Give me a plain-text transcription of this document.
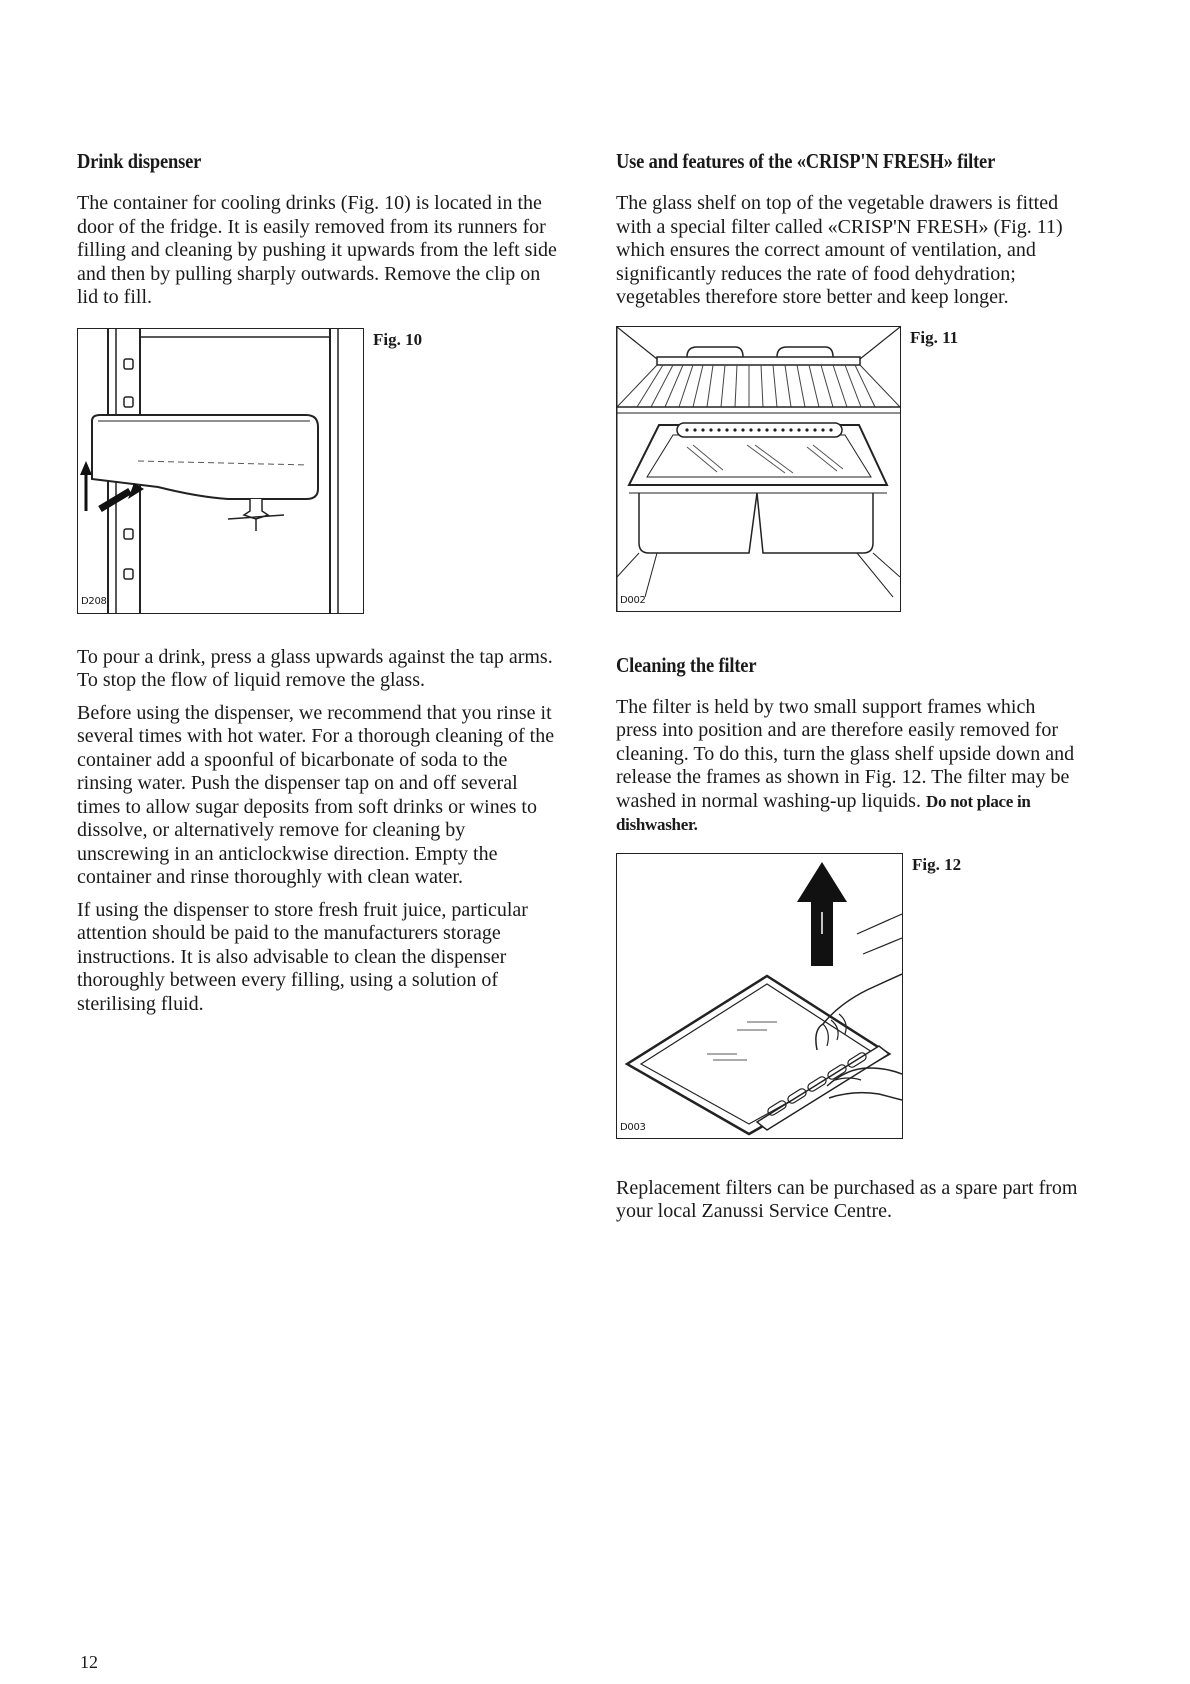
Drink dispenser

The container for cooling drinks (Fig. 10) is located in the door of the fridge. It is easily removed from its runners for filling and cleaning by pushing it upwards from the left side and then by pulling sharply outwards. Remove the clip on lid to fill.

D208
Fig. 10

To pour a drink, press a glass upwards against the tap arms. To stop the flow of liquid remove the glass.

Before using the dispenser, we recommend that you rinse it several times with hot water. For a thorough cleaning of the container add a spoonful of bicarbonate of soda to the rinsing water. Push the dispenser tap on and off several times to allow sugar deposits from soft drinks or wines to dissolve, or alternatively remove for cleaning by unscrewing in an anticlockwise direction. Empty the container and rinse thoroughly with clean water.

If using the dispenser to store fresh fruit juice, particular attention should be paid to the manufacturers storage instructions. It is also advisable to clean the dispenser thoroughly between every filling, using a solution of sterilising fluid.

Use and features of the «CRISP'N FRESH» filter

The glass shelf on top of the vegetable drawers is fitted with a special filter called «CRISP'N FRESH» (Fig. 11) which ensures the correct amount of ventilation, and significantly reduces the rate of food dehydration; vegetables therefore store better and keep longer.

D002
Fig. 11
Cleaning the filter

The filter is held by two small support frames which press into position and are therefore easily removed for cleaning. To do this, turn the glass shelf upside down and release the frames as shown in Fig. 12. The filter may be washed in normal washing-up liquids. Do not place in dishwasher.

D003
Fig. 12

Replacement filters can be purchased as a spare part from your local Zanussi Service Centre.

12
